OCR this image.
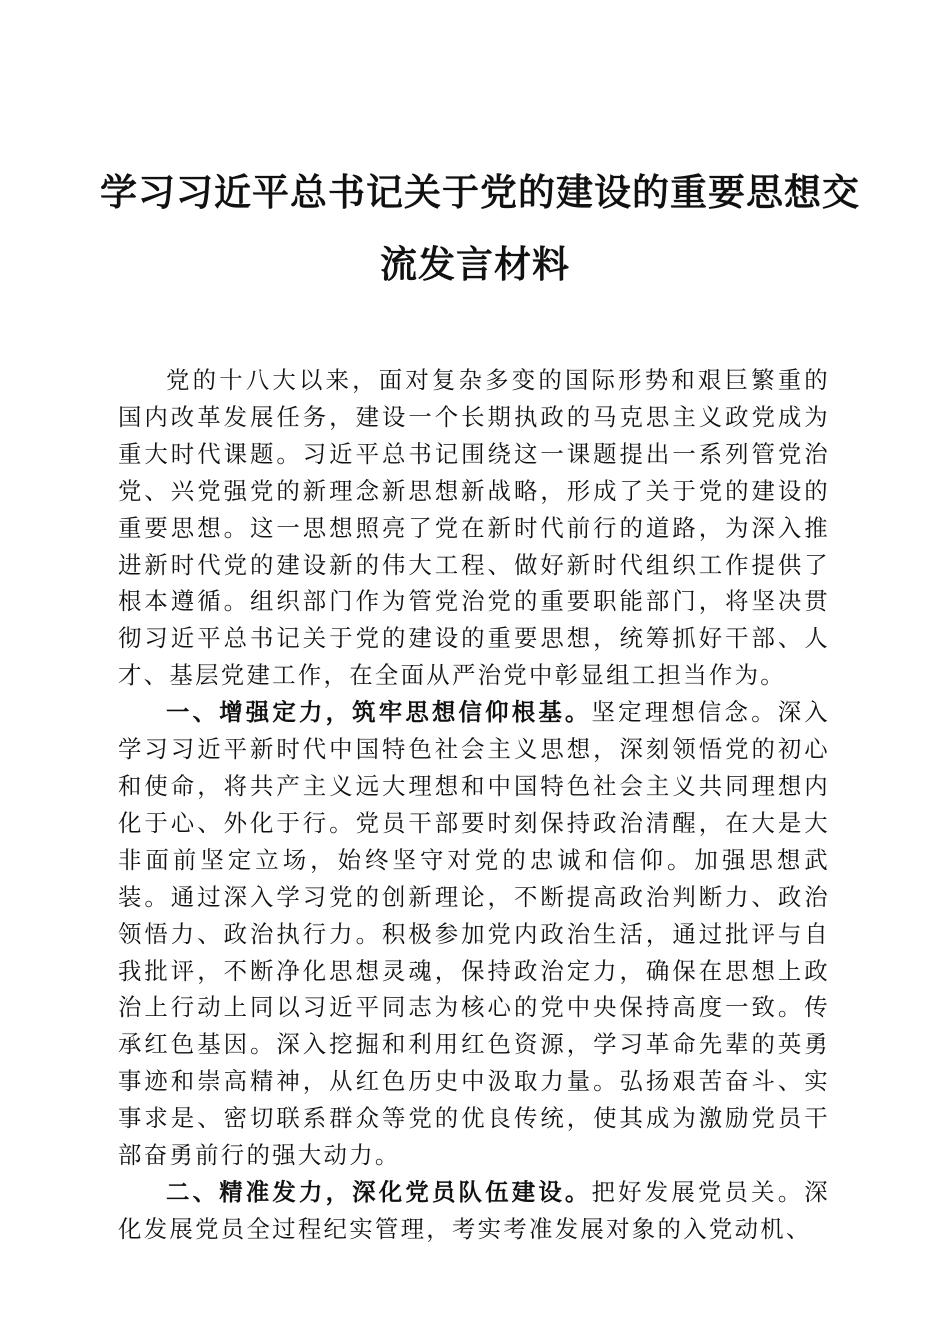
学习习近平总书记关于党的建设的重要思想交
流发言材料

党的十八大以来，面对复杂多变的国际形势和艰巨繁重的国内改革发展任务，建设一个长期执政的马克思主义政党成为重大时代课题。习近平总书记围绕这一课题提出一系列管党治党、兴党强党的新理念新思想新战略，形成了关于党的建设的重要思想。这一思想照亮了党在新时代前行的道路，为深入推进新时代党的建设新的伟大工程、做好新时代组织工作提供了根本遵循。组织部门作为管党治党的重要职能部门，将坚决贯彻习近平总书记关于党的建设的重要思想，统筹抓好干部、人才、基层党建工作，在全面从严治党中彰显组工担当作为。

一、增强定力，筑牢思想信仰根基。坚定理想信念。深入学习习近平新时代中国特色社会主义思想，深刻领悟党的初心和使命，将共产主义远大理想和中国特色社会主义共同理想内化于心、外化于行。党员干部要时刻保持政治清醒，在大是大非面前坚定立场，始终坚守对党的忠诚和信仰。加强思想武装。通过深入学习党的创新理论，不断提高政治判断力、政治领悟力、政治执行力。积极参加党内政治生活，通过批评与自我批评，不断净化思想灵魂，保持政治定力，确保在思想上政治上行动上同以习近平同志为核心的党中央保持高度一致。传承红色基因。深入挖掘和利用红色资源，学习革命先辈的英勇事迹和崇高精神，从红色历史中汲取力量。弘扬艰苦奋斗、实事求是、密切联系群众等党的优良传统，使其成为激励党员干部奋勇前行的强大动力。

二、精准发力，深化党员队伍建设。把好发展党员关。深化发展党员全过程纪实管理，考实考准发展对象的入党动机、
